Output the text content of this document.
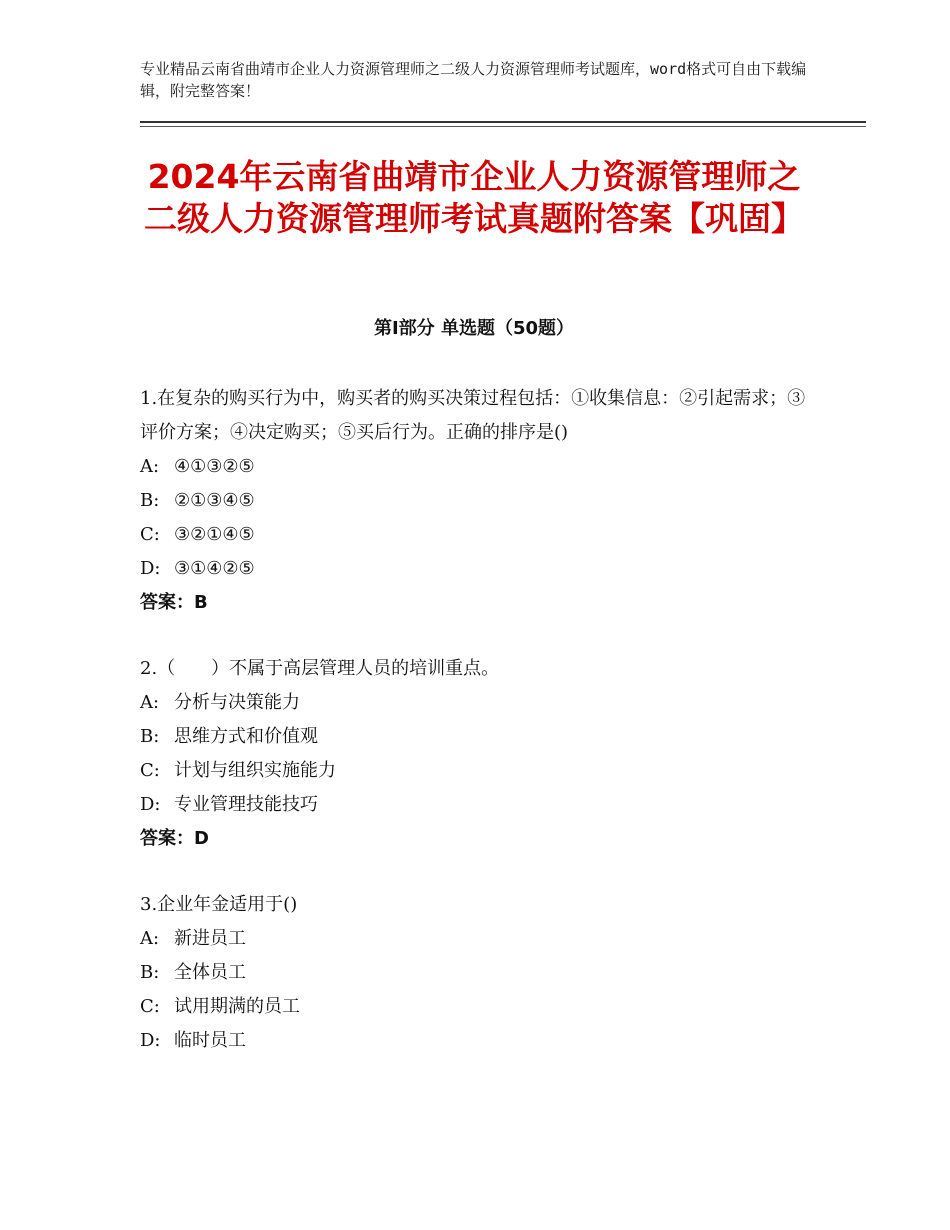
专业精品云南省曲靖市企业人力资源管理师之二级人力资源管理师考试题库，word格式可自由下载编辑，附完整答案！
2024年云南省曲靖市企业人力资源管理师之二级人力资源管理师考试真题附答案【巩固】
第Ⅰ部分 单选题（50题）

1.在复杂的购买行为中，购买者的购买决策过程包括：①收集信息：②引起需求；③评价方案；④决定购买；⑤买后行为。正确的排序是()

A: ④①③②⑤

B: ②①③④⑤

C: ③②①④⑤

D: ③①④②⑤

答案：B

2.（　　）不属于高层管理人员的培训重点。

A: 分析与决策能力

B: 思维方式和价值观

C: 计划与组织实施能力

D: 专业管理技能技巧

答案：D

3.企业年金适用于()

A: 新进员工

B: 全体员工

C: 试用期满的员工

D: 临时员工
